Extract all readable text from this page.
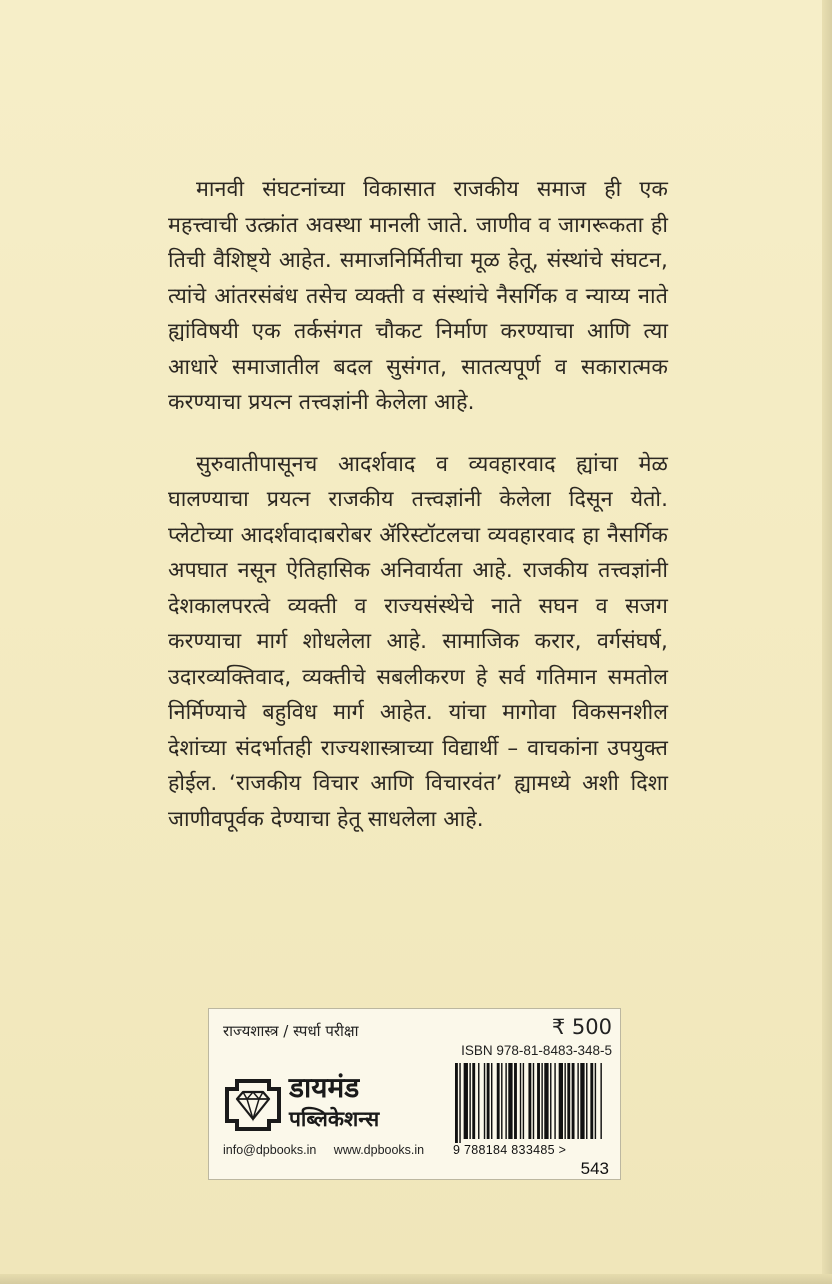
मानवी संघटनांच्या विकासात राजकीय समाज ही एक महत्त्वाची उत्क्रांत अवस्था मानली जाते. जाणीव व जागरूकता ही तिची वैशिष्ट्ये आहेत. समाजनिर्मितीचा मूळ हेतू, संस्थांचे संघटन, त्यांचे आंतरसंबंध तसेच व्यक्ती व संस्थांचे नैसर्गिक व न्याय्य नाते ह्यांविषयी एक तर्कसंगत चौकट निर्माण करण्याचा आणि त्या आधारे समाजातील बदल सुसंगत, सातत्यपूर्ण व सकारात्मक करण्याचा प्रयत्न तत्त्वज्ञांनी केलेला आहे.

सुरुवातीपासूनच आदर्शवाद व व्यवहारवाद ह्यांचा मेळ घालण्याचा प्रयत्न राजकीय तत्त्वज्ञांनी केलेला दिसून येतो. प्लेटोच्या आदर्शवादाबरोबर ॲरिस्टॉटलचा व्यवहारवाद हा नैसर्गिक अपघात नसून ऐतिहासिक अनिवार्यता आहे. राजकीय तत्त्वज्ञांनी देशकालपरत्वे व्यक्ती व राज्यसंस्थेचे नाते सघन व सजग करण्याचा मार्ग शोधलेला आहे. सामाजिक करार, वर्गसंघर्ष, उदारव्यक्तिवाद, व्यक्तीचे सबलीकरण हे सर्व गतिमान समतोल निर्मिण्याचे बहुविध मार्ग आहेत. यांचा मागोवा विकसनशील देशांच्या संदर्भातही राज्यशास्त्राच्या विद्यार्थी – वाचकांना उपयुक्त होईल. ‘राजकीय विचार आणि विचारवंत’ ह्यामध्ये अशी दिशा जाणीवपूर्वक देण्याचा हेतू साधलेला आहे.

राज्यशास्त्र / स्पर्धा परीक्षा	₹ 500
ISBN 978-81-8483-348-5
डायमंड
पब्लिकेशन्स
info@dpbooks.in www.dpbooks.in 9 788184 833485 >
543
